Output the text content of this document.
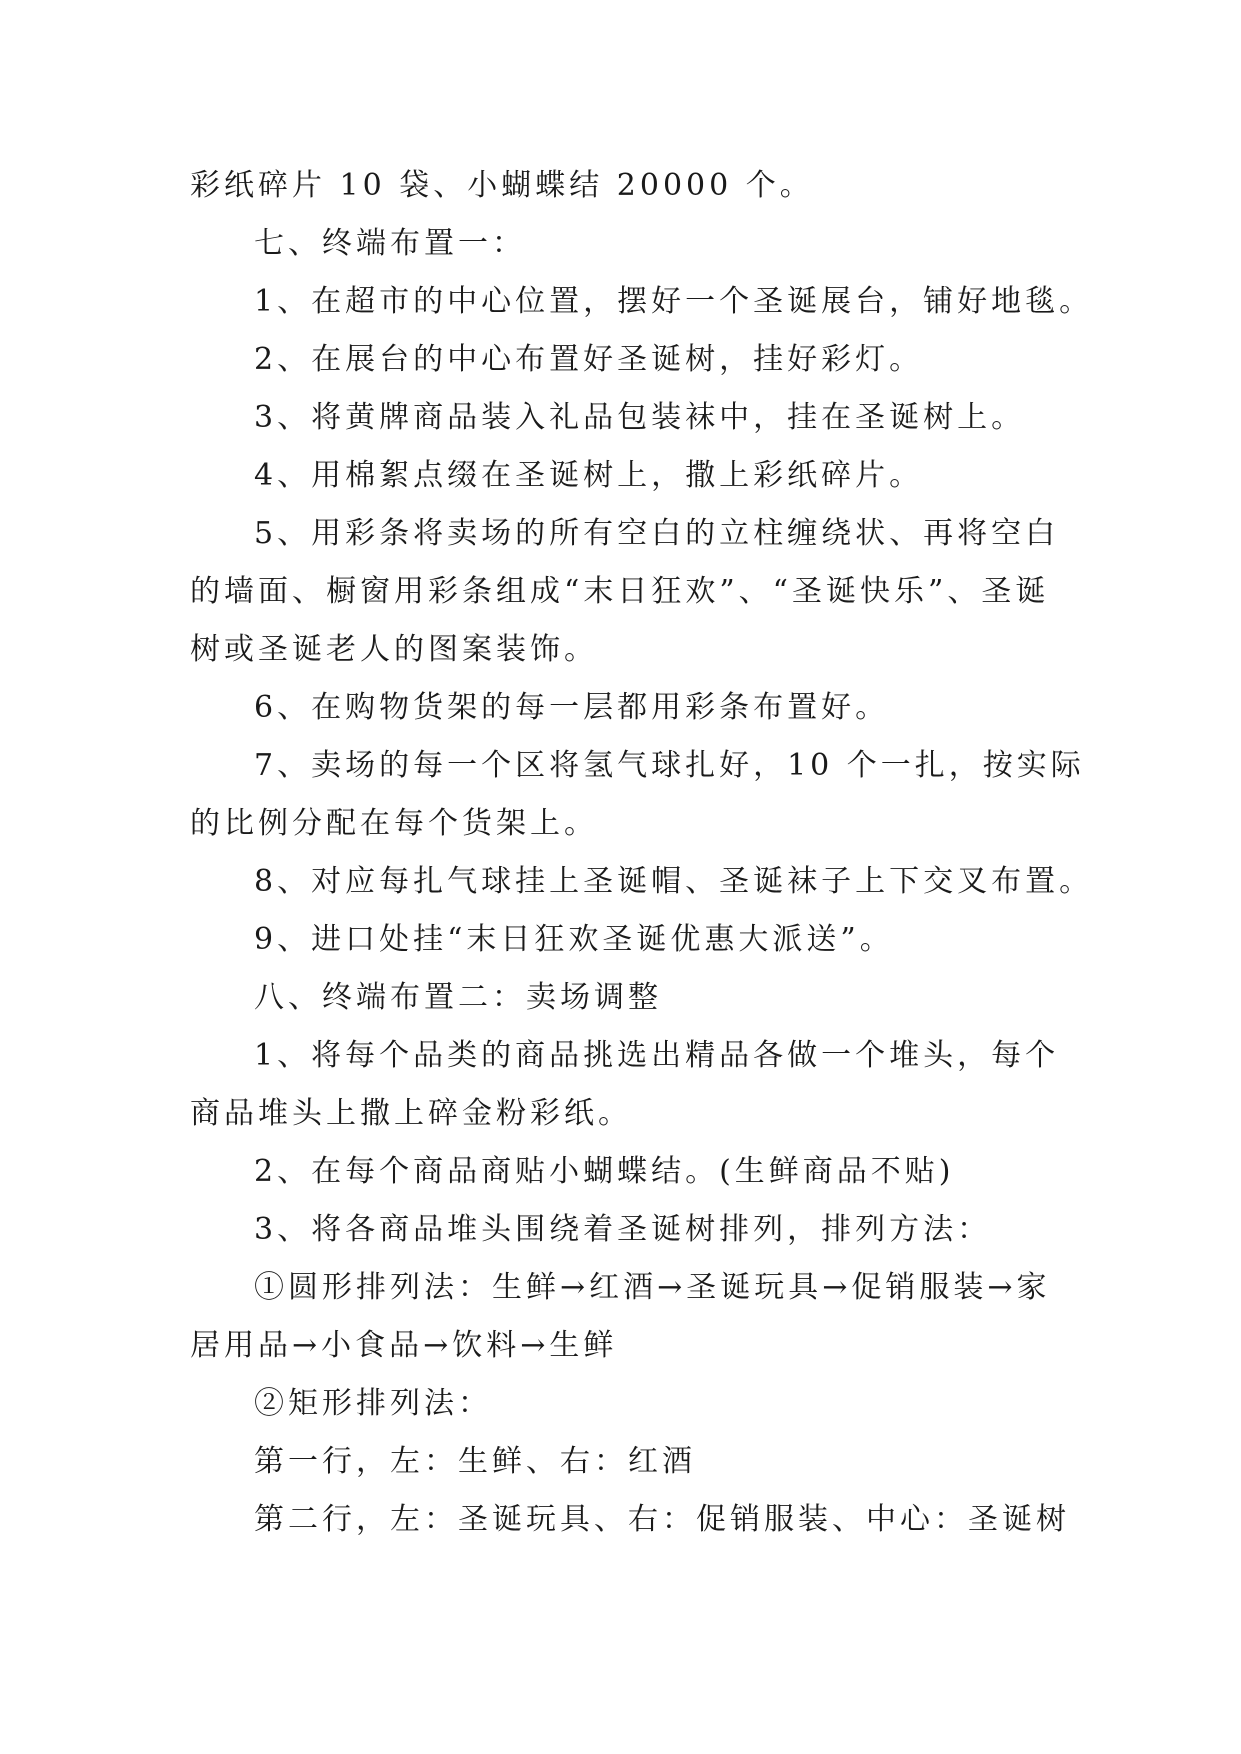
彩纸碎片 10 袋、小蝴蝶结 20000 个。
七、终端布置一：
1、在超市的中心位置，摆好一个圣诞展台，铺好地毯。
2、在展台的中心布置好圣诞树，挂好彩灯。
3、将黄牌商品装入礼品包装袜中，挂在圣诞树上。
4、用棉絮点缀在圣诞树上，撒上彩纸碎片。
5、用彩条将卖场的所有空白的立柱缠绕状、再将空白
的墙面、橱窗用彩条组成“末日狂欢”、“圣诞快乐”、圣诞
树或圣诞老人的图案装饰。
6、在购物货架的每一层都用彩条布置好。
7、卖场的每一个区将氢气球扎好，10 个一扎，按实际
的比例分配在每个货架上。
8、对应每扎气球挂上圣诞帽、圣诞袜子上下交叉布置。
9、进口处挂“末日狂欢圣诞优惠大派送”。
八、终端布置二：卖场调整
1、将每个品类的商品挑选出精品各做一个堆头，每个
商品堆头上撒上碎金粉彩纸。
2、在每个商品商贴小蝴蝶结。(生鲜商品不贴)
3、将各商品堆头围绕着圣诞树排列，排列方法：
①圆形排列法：生鲜→红酒→圣诞玩具→促销服装→家
居用品→小食品→饮料→生鲜
②矩形排列法：
第一行，左：生鲜、右：红酒
第二行，左：圣诞玩具、右：促销服装、中心：圣诞树
